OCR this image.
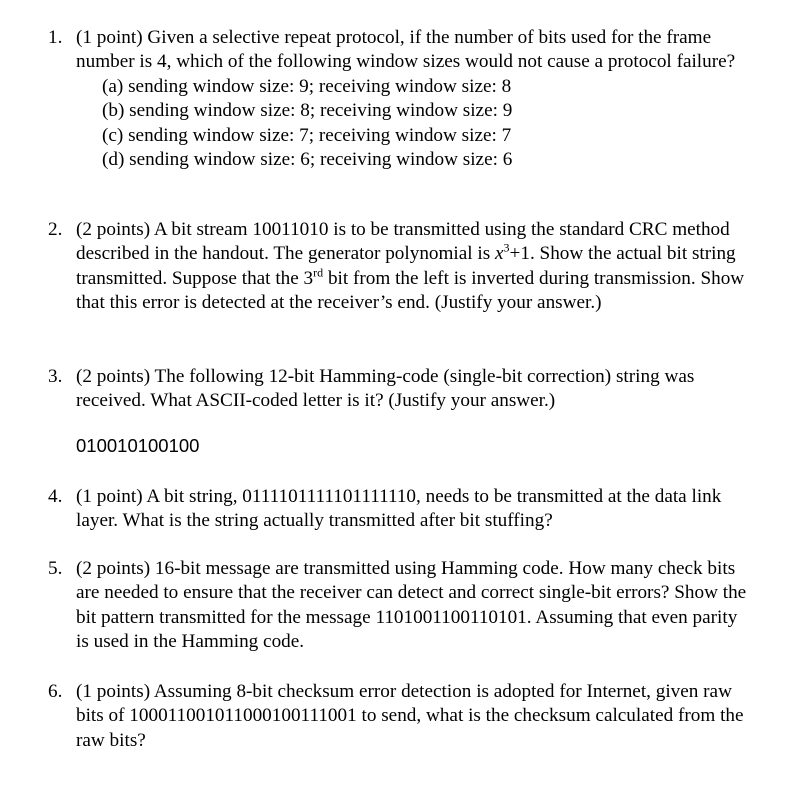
1. (1 point) Given a selective repeat protocol, if the number of bits used for the frame number is 4, which of the following window sizes would not cause a protocol failure?
(a) sending window size: 9; receiving window size: 8
(b) sending window size: 8; receiving window size: 9
(c) sending window size: 7; receiving window size: 7
(d) sending window size: 6; receiving window size: 6
2. (2 points) A bit stream 10011010 is to be transmitted using the standard CRC method described in the handout. The generator polynomial is $x^3+1$. Show the actual bit string transmitted. Suppose that the 3rd bit from the left is inverted during transmission. Show that this error is detected at the receiver’s end. (Justify your answer.)
3. (2 points) The following 12-bit Hamming-code (single-bit correction) string was received. What ASCII-coded letter is it? (Justify your answer.)
010010100100
4. (1 point) A bit string, 0111101111101111110, needs to be transmitted at the data link layer. What is the string actually transmitted after bit stuffing?
5. (2 points) 16-bit message are transmitted using Hamming code. How many check bits are needed to ensure that the receiver can detect and correct single-bit errors? Show the bit pattern transmitted for the message 1101001100110101. Assuming that even parity is used in the Hamming code.
6. (1 points) Assuming 8-bit checksum error detection is adopted for Internet, given raw bits of 100011001011000100111001 to send, what is the checksum calculated from the raw bits?
